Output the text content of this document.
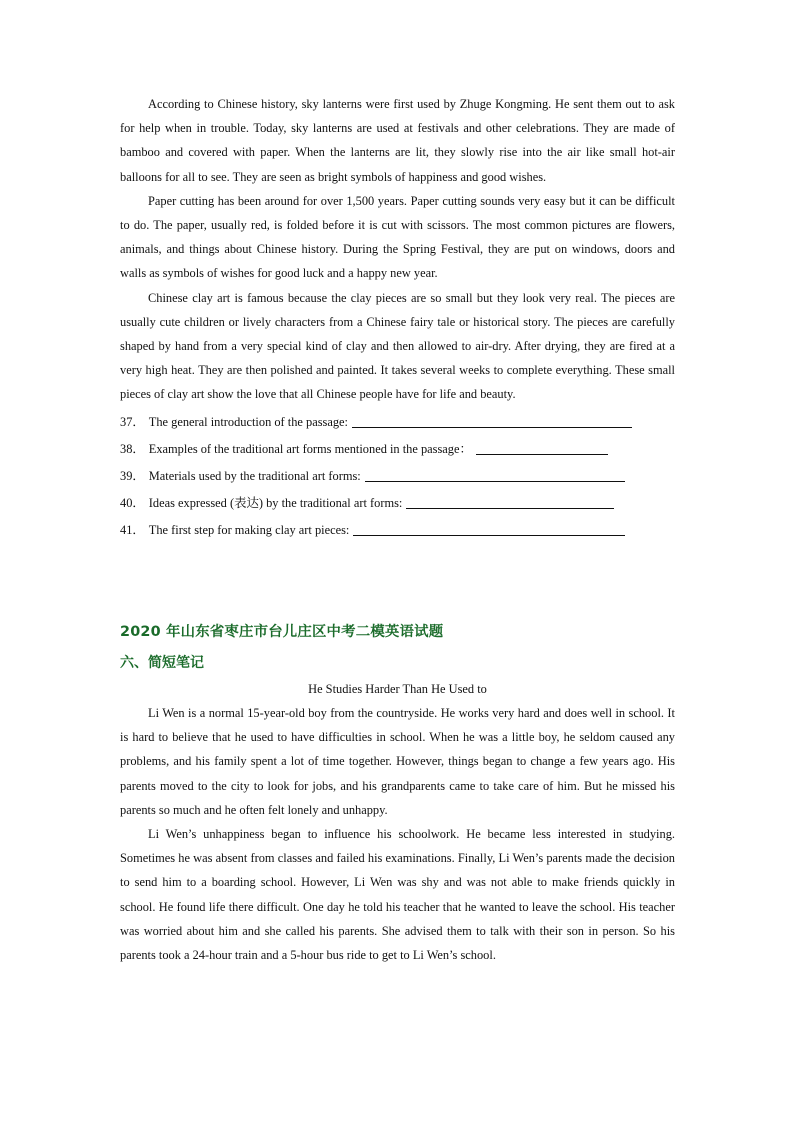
According to Chinese history, sky lanterns were first used by Zhuge Kongming. He sent them out to ask for help when in trouble. Today, sky lanterns are used at festivals and other celebrations. They are made of bamboo and covered with paper. When the lanterns are lit, they slowly rise into the air like small hot-air balloons for all to see. They are seen as bright symbols of happiness and good wishes.

Paper cutting has been around for over 1,500 years. Paper cutting sounds very easy but it can be difficult to do. The paper, usually red, is folded before it is cut with scissors. The most common pictures are flowers, animals, and things about Chinese history. During the Spring Festival, they are put on windows, doors and walls as symbols of wishes for good luck and a happy new year.

Chinese clay art is famous because the clay pieces are so small but they look very real. The pieces are usually cute children or lively characters from a Chinese fairy tale or historical story. The pieces are carefully shaped by hand from a very special kind of clay and then allowed to air-dry. After drying, they are fired at a very high heat. They are then polished and painted. It takes several weeks to complete everything. These small pieces of clay art show the love that all Chinese people have for life and beauty.

37． The general introduction of the passage:
38． Examples of the traditional art forms mentioned in the passage：
39． Materials used by the traditional art forms:
40． Ideas expressed (表达) by the traditional art forms:
41． The first step for making clay art pieces:
2020 年山东省枣庄市台儿庄区中考二模英语试题
六、简短笔记
He Studies Harder Than He Used to

Li Wen is a normal 15-year-old boy from the countryside. He works very hard and does well in school. It is hard to believe that he used to have difficulties in school. When he was a little boy, he seldom caused any problems, and his family spent a lot of time together. However, things began to change a few years ago. His parents moved to the city to look for jobs, and his grandparents came to take care of him. But he missed his parents so much and he often felt lonely and unhappy.

Li Wen’s unhappiness began to influence his schoolwork. He became less interested in studying. Sometimes he was absent from classes and failed his examinations. Finally, Li Wen’s parents made the decision to send him to a boarding school. However, Li Wen was shy and was not able to make friends quickly in school. He found life there difficult. One day he told his teacher that he wanted to leave the school. His teacher was worried about him and she called his parents. She advised them to talk with their son in person. So his parents took a 24-hour train and a 5-hour bus ride to get to Li Wen’s school.
